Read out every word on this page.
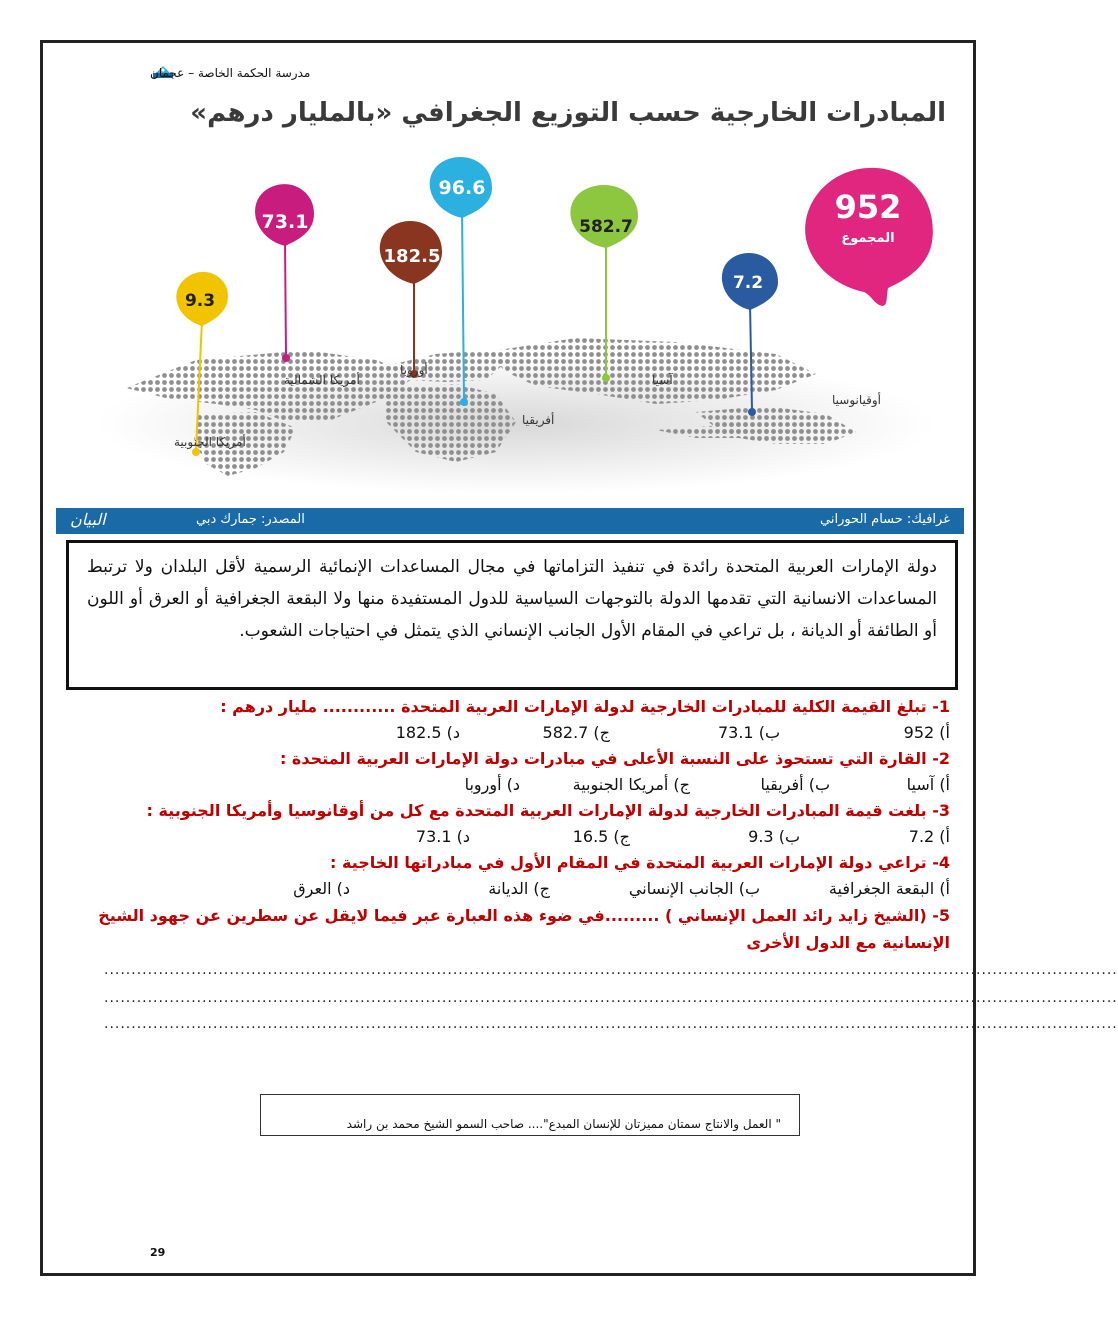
مدرسة الحكمة الخاصة – عجمان
المبادرات الخارجية حسب التوزيع الجغرافي «بالمليار درهم»
9.3
73.1
182.5
96.6
582.7
7.2
952
المجموع
أمريكا الجنوبية
أمريكا الشمالية
أوروبا
أفريقيا
آسيا
أوقيانوسيا
غرافيك: حسام الحوراني
المصدر: جمارك دبي
البيان
دولة الإمارات العربية المتحدة رائدة في تنفيذ التزاماتها في مجال المساعدات الإنمائية الرسمية لأقل البلدان ولا ترتبط المساعدات الانسانية التي تقدمها الدولة بالتوجهات السياسية للدول المستفيدة منها ولا البقعة الجغرافية أو العرق أو اللون أو الطائفة أو الديانة ، بل تراعي في المقام الأول الجانب الإنساني الذي يتمثل في احتياجات الشعوب.
1- تبلغ القيمة الكلية للمبادرات الخارجية لدولة الإمارات العربية المتحدة ............ مليار درهم :
أ) 952
ب) 73.1
ج) 582.7
د) 182.5
2- القارة التي تستحوذ على النسبة الأعلى في مبادرات دولة الإمارات العربية المتحدة :
أ) آسيا
ب) أفريقيا
ج) أمريكا الجنوبية
د) أوروبا
3- بلغت قيمة المبادرات الخارجية لدولة الإمارات العربية المتحدة مع كل من أوقانوسيا وأمريكا الجنوبية :
أ) 7.2
ب) 9.3
ج) 16.5
د) 73.1
4- تراعي دولة الإمارات العربية المتحدة في المقام الأول في مبادراتها الخاجية :
أ) البقعة الجغرافية
ب) الجانب الإنساني
ج) الديانة
د) العرق
5- (الشيخ زايد رائد العمل الإنساني ) .........في ضوء هذه العبارة عبر فيما لايقل عن سطرين عن جهود الشيخ الإنسانية مع الدول الأخرى
..........................................................................................................................................................................................
..........................................................................................................................................................................................
..........................................................................................................................................................................................
" العمل والانتاج سمتان مميزتان للإنسان المبدع".... صاحب السمو الشيخ محمد بن راشد
29
